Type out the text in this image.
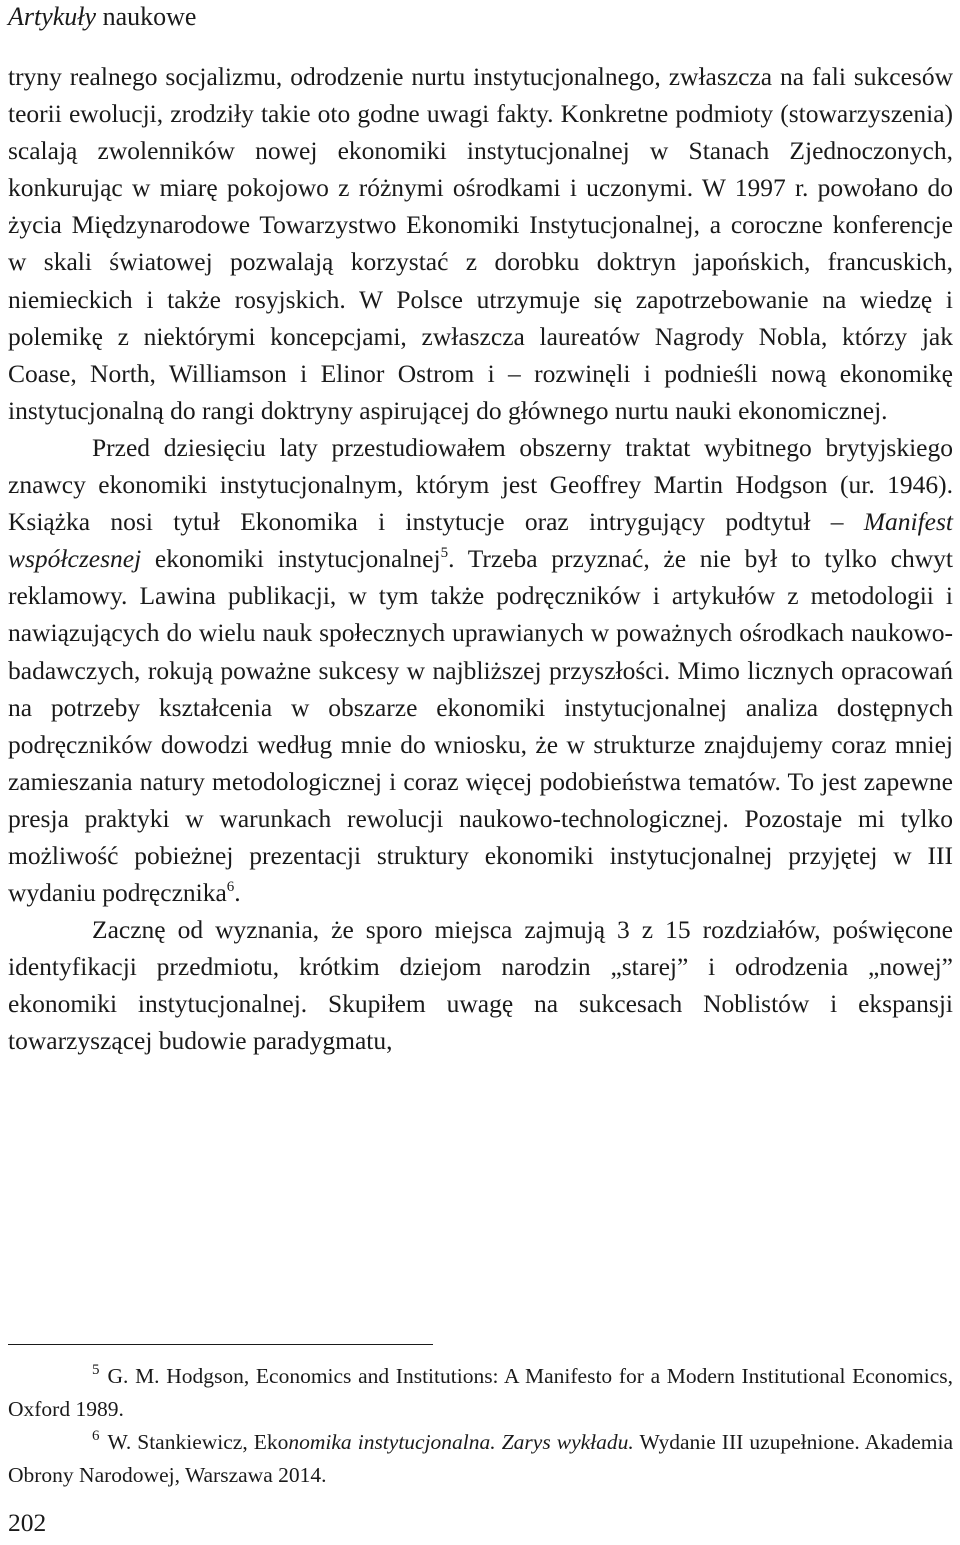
Artykuły naukowe

tryny realnego socjalizmu, odrodzenie nurtu instytucjonalnego, zwłaszcza na fali sukcesów teorii ewolucji, zrodziły takie oto godne uwagi fakty. Konkretne podmioty (stowarzyszenia) scalają zwolenników nowej ekonomiki instytucjonalnej w Stanach Zjednoczonych, konkurując w miarę pokojowo z różnymi ośrodkami i uczonymi. W 1997 r. powołano do życia Międzynarodowe Towarzystwo Ekonomiki Instytucjonalnej, a coroczne konferencje w skali światowej pozwalają korzystać z dorobku doktryn japońskich, francuskich, niemieckich i także rosyjskich. W Polsce utrzymuje się zapotrzebowanie na wiedzę i polemikę z niektórymi koncepcjami, zwłaszcza laureatów Nagrody Nobla, którzy jak Coase, North, Williamson i Elinor Ostrom i – rozwinęli i podnieśli nową ekonomikę instytucjonalną do rangi doktryny aspirującej do głównego nurtu nauki ekonomicznej.

Przed dziesięciu laty przestudiowałem obszerny traktat wybitnego brytyjskiego znawcy ekonomiki instytucjonalnym, którym jest Geoffrey Martin Hodgson (ur. 1946). Książka nosi tytuł Ekonomika i instytucje oraz intrygujący podtytuł – Manifest współczesnej ekonomiki instytucjonalnej$^5$. Trzeba przyznać, że nie był to tylko chwyt reklamowy. Lawina publikacji, w tym także podręczników i artykułów z metodologii i nawiązujących do wielu nauk społecznych uprawianych w poważnych ośrodkach naukowo-badawczych, rokują poważne sukcesy w najbliższej przyszłości. Mimo licznych opracowań na potrzeby kształcenia w obszarze ekonomiki instytucjonalnej analiza dostępnych podręczników dowodzi według mnie do wniosku, że w strukturze znajdujemy coraz mniej zamieszania natury metodologicznej i coraz więcej podobieństwa tematów. To jest zapewne presja praktyki w warunkach rewolucji naukowo-technologicznej. Pozostaje mi tylko możliwość pobieżnej prezentacji struktury ekonomiki instytucjonalnej przyjętej w III wydaniu podręcznika$^6$.

Zacznę od wyznania, że sporo miejsca zajmują 3 z 15 rozdziałów, poświęcone identyfikacji przedmiotu, krótkim dziejom narodzin „starej” i odrodzenia „nowej” ekonomiki instytucjonalnej. Skupiłem uwagę na sukcesach Noblistów i ekspansji towarzyszącej budowie paradygmatu,

$^5$ G. M. Hodgson, Economics and Institutions: A Manifesto for a Modern Institutional Economics, Oxford 1989.

$^6$ W. Stankiewicz, Ekonomika instytucjonalna. Zarys wykładu. Wydanie III uzupełnione. Akademia Obrony Narodowej, Warszawa 2014.

202
